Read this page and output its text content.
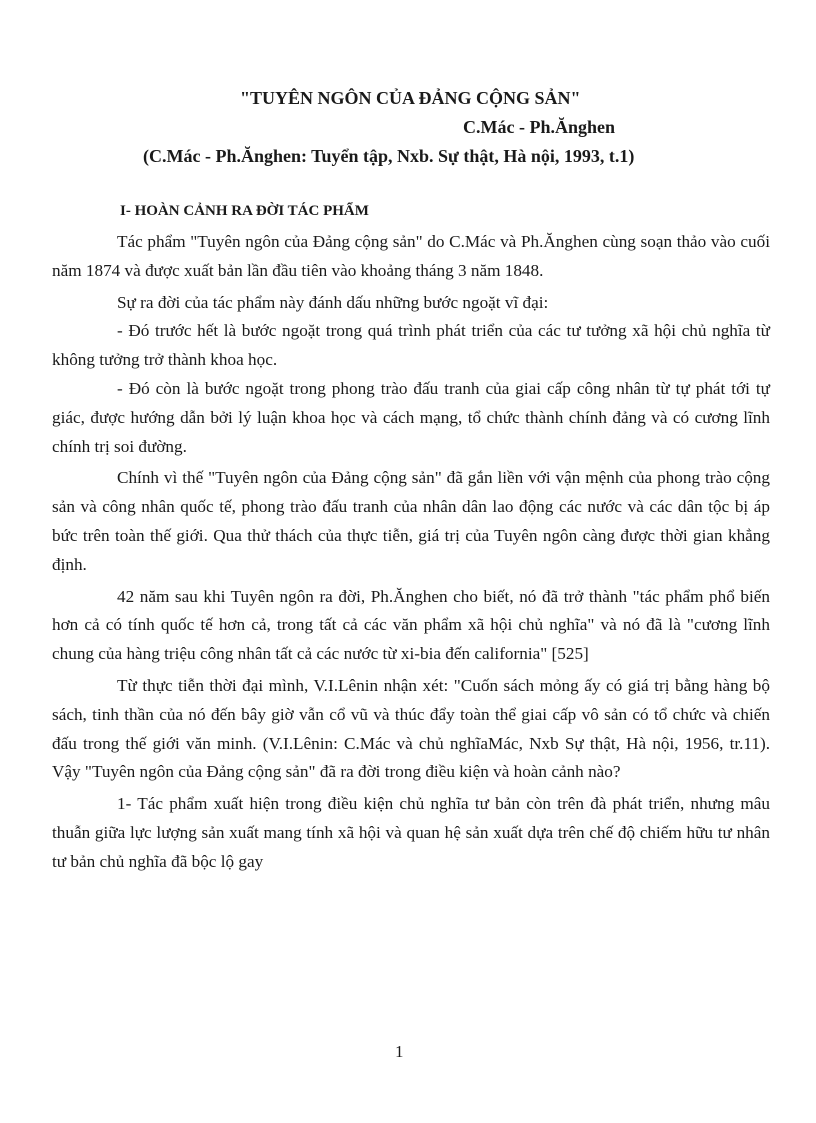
"TUYÊN NGÔN CỦA ĐẢNG CỘNG SẢN"
C.Mác - Ph.Ănghen
(C.Mác - Ph.Ănghen: Tuyển tập, Nxb. Sự thật, Hà nội, 1993, t.1)
I- HOÀN CẢNH RA ĐỜI TÁC PHẨM

Tác phẩm "Tuyên ngôn của Đảng cộng sản" do C.Mác và Ph.Ănghen cùng soạn thảo vào cuối năm 1874 và được xuất bản lần đầu tiên vào khoảng tháng 3 năm 1848.

Sự ra đời của tác phẩm này đánh dấu những bước ngoặt vĩ đại:

- Đó trước hết là bước ngoặt trong quá trình phát triển của các tư tưởng xã hội chủ nghĩa từ không tưởng trở thành khoa học.

- Đó còn là bước ngoặt trong phong trào đấu tranh của giai cấp công nhân từ tự phát tới tự giác, được hướng dẫn bởi lý luận khoa học và cách mạng, tổ chức thành chính đảng và có cương lĩnh chính trị soi đường.

Chính vì thế "Tuyên ngôn của Đảng cộng sản" đã gắn liền với vận mệnh của phong trào cộng sản và công nhân quốc tế, phong trào đấu tranh của nhân dân lao động các nước và các dân tộc bị áp bức trên toàn thế giới. Qua thử thách của thực tiễn, giá trị của Tuyên ngôn càng được thời gian khẳng định.

42 năm sau khi Tuyên ngôn ra đời, Ph.Ănghen cho biết, nó đã trở thành "tác phẩm phổ biến hơn cả có tính quốc tế hơn cả, trong tất cả các văn phẩm xã hội chủ nghĩa" và nó đã là "cương lĩnh chung của hàng triệu công nhân tất cả các nước từ xi-bia đến california" [525]

Từ thực tiễn thời đại mình, V.I.Lênin nhận xét: "Cuốn sách mỏng ấy có giá trị bằng hàng bộ sách, tinh thần của nó đến bây giờ vẫn cổ vũ và thúc đẩy toàn thể giai cấp vô sản có tổ chức và chiến đấu trong thế giới văn minh. (V.I.Lênin: C.Mác và chủ nghĩaMác, Nxb Sự thật, Hà nội, 1956, tr.11). Vậy "Tuyên ngôn của Đảng cộng sản" đã ra đời trong điều kiện và hoàn cảnh nào?

1- Tác phẩm xuất hiện trong điều kiện chủ nghĩa tư bản còn trên đà phát triển, nhưng mâu thuẫn giữa lực lượng sản xuất mang tính xã hội và quan hệ sản xuất dựa trên chế độ chiếm hữu tư nhân tư bản chủ nghĩa đã bộc lộ gay

1
